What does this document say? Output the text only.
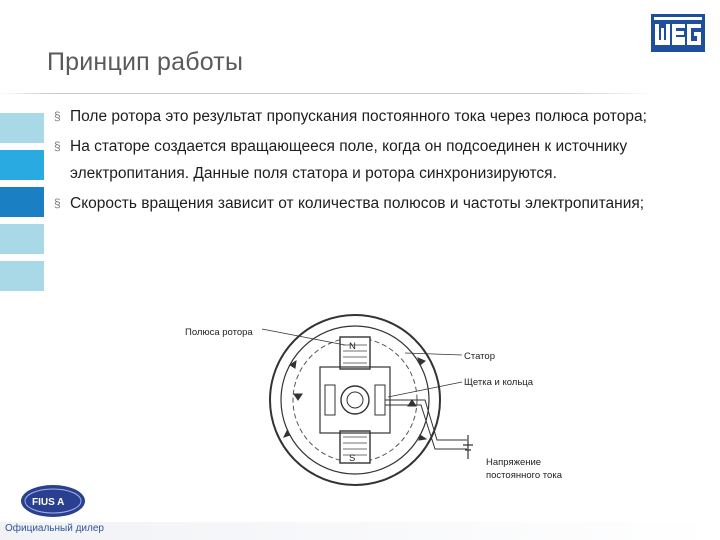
Принцип работы
§ Поле ротора это результат пропускания постоянного тока через полюса ротора;
§ На статоре создается вращающееся поле, когда он подсоединен к источнику электропитания. Данные поля статора и ротора синхронизируются.
§ Скорость вращения зависит от количества полюсов и частоты электропитания;
N
S
Полюса ротора
Статор
Щетка и кольца
Напряжение
постоянного тока
FIUS A
Официальный дилер
